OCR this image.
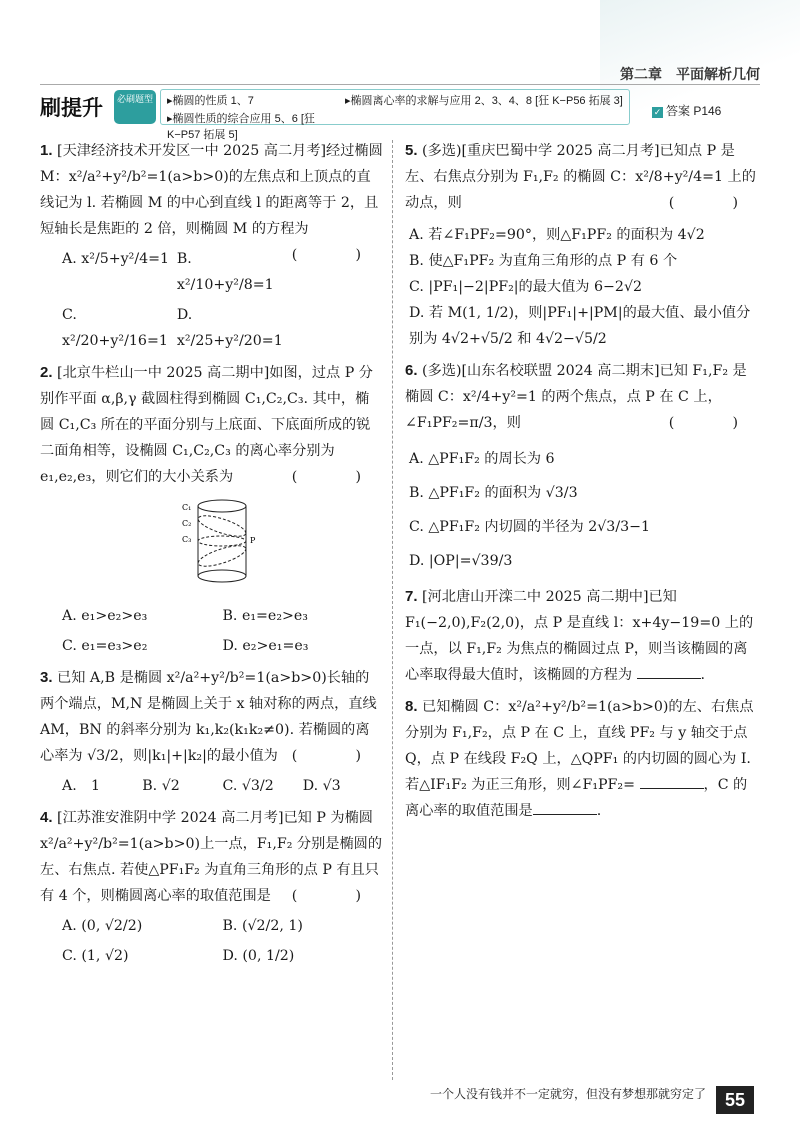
第二章　平面解析几何
刷提升	必刷题型 ▸椭圆的性质 1、7	▸椭圆离心率的求解与应用 2、3、4、8 [狂 K−P56 拓展 3]
▸椭圆性质的综合应用 5、6 [狂 K−P57 拓展 5]
✓ 答案 P146
1. [天津经济技术开发区一中 2025 高二月考]经过椭圆 M：x²/a²+y²/b²=1(a>b>0)的左焦点和上顶点的直线记为 l. 若椭圆 M 的中心到直线 l 的距离等于 2，且短轴长是焦距的 2 倍，则椭圆 M 的方程为
(　)
A. x²/5+y²/4=1 B. x²/10+y²/8=1
C. x²/20+y²/16=1
D. x²/25+y²/20=1
2. [北京牛栏山一中 2025 高二期中]如图，过点 P 分别作平面 α,β,γ 截圆柱得到椭圆 C₁,C₂,C₃. 其中，椭圆 C₁,C₃ 所在的平面分别与上底面、下底面所成的锐二面角相等，设椭圆 C₁,C₂,C₃ 的离心率分别为 e₁,e₂,e₃，则它们的大小关系为	(　)
C₁
C₂
C₃	P
A. e₁>e₂>e₃	B. e₁=e₂>e₃
C. e₁=e₃>e₂	D. e₂>e₁=e₃
3. 已知 A,B 是椭圆 x²/a²+y²/b²=1(a>b>0)长轴的两个端点，M,N 是椭圆上关于 x 轴对称的两点，直线 AM，BN 的斜率分别为 k₁,k₂(k₁k₂≠0). 若椭圆的离心率为 √3/2，则|k₁|+|k₂|的最小值为 (　)
A.　1	B. √2	C. √3/2	D. √3
4. [江苏淮安淮阴中学 2024 高二月考]已知 P 为椭圆 x²/a²+y²/b²=1(a>b>0)上一点，F₁,F₂ 分别是椭圆的左、右焦点. 若使△PF₁F₂ 为直角三角形的点 P 有且只有 4 个，则椭圆离心率的取值范围是 (　)
A. (0, √2/2)	B. (√2/2, 1)
C. (1, √2)	D. (0, 1/2)
5. (多选)[重庆巴蜀中学 2025 高二月考]已知点 P 是左、右焦点分别为 F₁,F₂ 的椭圆 C：x²/8+y²/4=1 上的动点，则	(　)
A. 若∠F₁PF₂=90°，则△F₁PF₂ 的面积为 4√2
B. 使△F₁PF₂ 为直角三角形的点 P 有 6 个
C. |PF₁|−2|PF₂|的最大值为 6−2√2
D. 若 M(1, 1/2)，则|PF₁|+|PM|的最大值、最小值分别为 4√2+√5/2 和 4√2−√5/2
6. (多选)[山东名校联盟 2024 高二期末]已知 F₁,F₂ 是椭圆 C：x²/4+y²=1 的两个焦点，点 P 在 C 上，∠F₁PF₂=π/3，则	(　)
A. △PF₁F₂ 的周长为 6
B. △PF₁F₂ 的面积为 √3/3
C. △PF₁F₂ 内切圆的半径为 2√3/3−1
D. |OP|=√39/3
7. [河北唐山开滦二中 2025 高二期中]已知 F₁(−2,0),F₂(2,0)，点 P 是直线 l：x+4y−19=0 上的一点，以 F₁,F₂ 为焦点的椭圆过点 P，则当该椭圆的离心率取得最大值时，该椭圆的方程为	.
8. 已知椭圆 C：x²/a²+y²/b²=1(a>b>0)的左、右焦点分别为 F₁,F₂，点 P 在 C 上，直线 PF₂ 与 y 轴交于点 Q，点 P 在线段 F₂Q 上，△QPF₁ 的内切圆的圆心为 I. 若△IF₁F₂ 为正三角形，则∠F₁PF₂=	，C 的离心率的取值范围是	.
一个人没有钱并不一定就穷，但没有梦想那就穷定了	55
